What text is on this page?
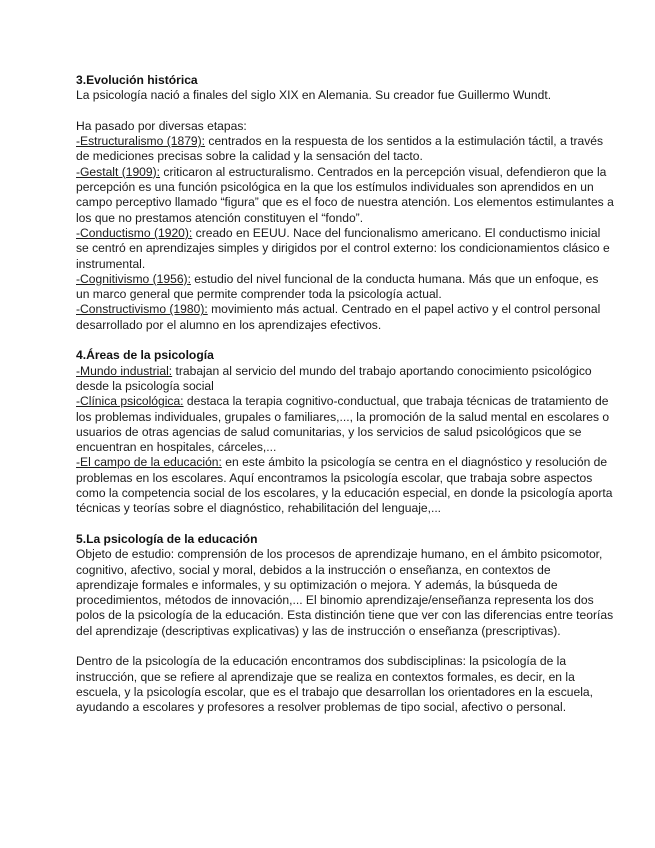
3.Evolución histórica

La psicología nació a finales del siglo XIX en Alemania. Su creador fue Guillermo Wundt.

Ha pasado por diversas etapas:

-Estructuralismo (1879): centrados en la respuesta de los sentidos a la estimulación táctil, a través de mediciones precisas sobre la calidad y la sensación del tacto.

-Gestalt (1909): criticaron al estructuralismo. Centrados en la percepción visual, defendieron que la percepción es una función psicológica en la que los estímulos individuales son aprendidos en un campo perceptivo llamado “figura” que es el foco de nuestra atención. Los elementos estimulantes a los que no prestamos atención constituyen el “fondo”.

-Conductismo (1920): creado en EEUU. Nace del funcionalismo americano. El conductismo inicial se centró en aprendizajes simples y dirigidos por el control externo: los condicionamientos clásico e instrumental.

-Cognitivismo (1956): estudio del nivel funcional de la conducta humana. Más que un enfoque, es un marco general que permite comprender toda la psicología actual.

-Constructivismo (1980): movimiento más actual. Centrado en el papel activo y el control personal desarrollado por el alumno en los aprendizajes efectivos.

4.Áreas de la psicología

-Mundo industrial: trabajan al servicio del mundo del trabajo aportando conocimiento psicológico desde la psicología social

-Clínica psicológica: destaca la terapia cognitivo-conductual, que trabaja técnicas de tratamiento de los problemas individuales, grupales o familiares,..., la promoción de la salud mental en escolares o usuarios de otras agencias de salud comunitarias, y los servicios de salud psicológicos que se encuentran en hospitales, cárceles,...

-El campo de la educación: en este ámbito la psicología se centra en el diagnóstico y resolución de problemas en los escolares. Aquí encontramos la psicología escolar, que trabaja sobre aspectos como la competencia social de los escolares, y la educación especial, en donde la psicología aporta técnicas y teorías sobre el diagnóstico, rehabilitación del lenguaje,...

5.La psicología de la educación

Objeto de estudio: comprensión de los procesos de aprendizaje humano, en el ámbito psicomotor, cognitivo, afectivo, social y moral, debidos a la instrucción o enseñanza, en contextos de aprendizaje formales e informales, y su optimización o mejora. Y además, la búsqueda de procedimientos, métodos de innovación,... El binomio aprendizaje/enseñanza representa los dos polos de la psicología de la educación. Esta distinción tiene que ver con las diferencias entre teorías del aprendizaje (descriptivas explicativas) y las de instrucción o enseñanza (prescriptivas).

Dentro de la psicología de la educación encontramos dos subdisciplinas: la psicología de la instrucción, que se refiere al aprendizaje que se realiza en contextos formales, es decir, en la escuela, y la psicología escolar, que es el trabajo que desarrollan los orientadores en la escuela, ayudando a escolares y profesores a resolver problemas de tipo social, afectivo o personal.
